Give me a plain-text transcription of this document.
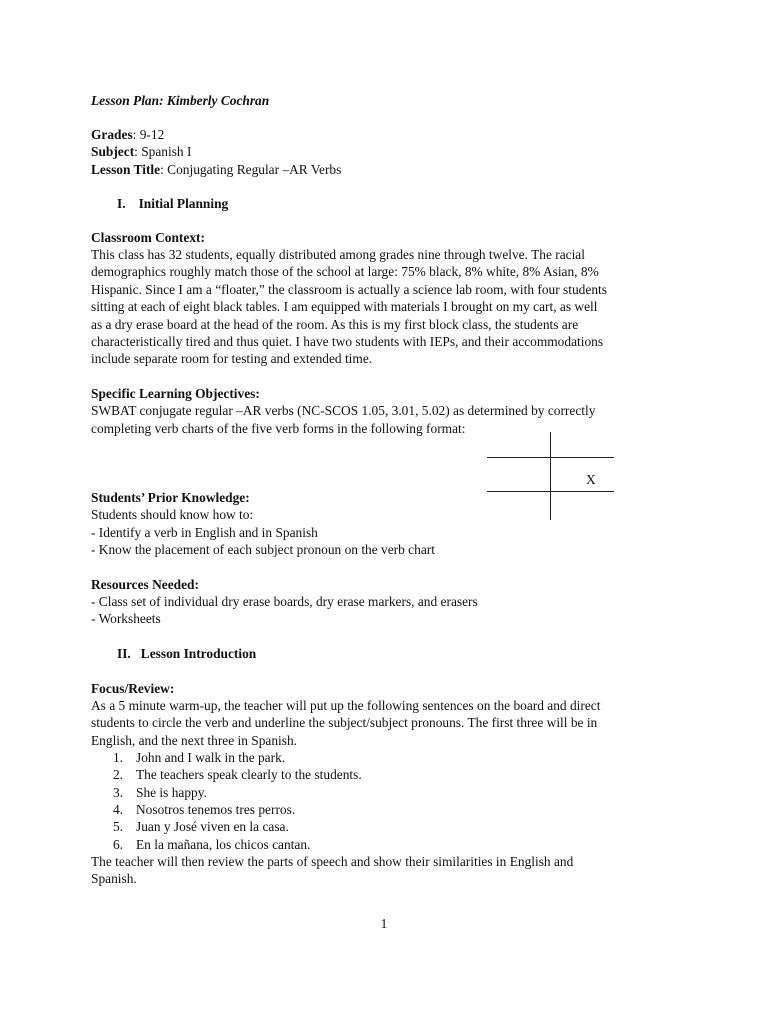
Lesson Plan: Kimberly Cochran
Grades: 9-12
Subject: Spanish I
Lesson Title: Conjugating Regular –AR Verbs
I. Initial Planning
Classroom Context:
This class has 32 students, equally distributed among grades nine through twelve. The racial
demographics roughly match those of the school at large: 75% black, 8% white, 8% Asian, 8%
Hispanic. Since I am a “floater,” the classroom is actually a science lab room, with four students
sitting at each of eight black tables. I am equipped with materials I brought on my cart, as well
as a dry erase board at the head of the room. As this is my first block class, the students are
characteristically tired and thus quiet. I have two students with IEPs, and their accommodations
include separate room for testing and extended time.
Specific Learning Objectives:
SWBAT conjugate regular –AR verbs (NC-SCOS 1.05, 3.01, 5.02) as determined by correctly
completing verb charts of the five verb forms in the following format:
X
Students’ Prior Knowledge:
Students should know how to:
- Identify a verb in English and in Spanish
- Know the placement of each subject pronoun on the verb chart
Resources Needed:
- Class set of individual dry erase boards, dry erase markers, and erasers
- Worksheets
II. Lesson Introduction
Focus/Review:
As a 5 minute warm-up, the teacher will put up the following sentences on the board and direct
students to circle the verb and underline the subject/subject pronouns. The first three will be in
English, and the next three in Spanish.
1. John and I walk in the park.
2. The teachers speak clearly to the students.
3. She is happy.
4. Nosotros tenemos tres perros.
5. Juan y José viven en la casa.
6. En la mañana, los chicos cantan.
The teacher will then review the parts of speech and show their similarities in English and
Spanish.
1
